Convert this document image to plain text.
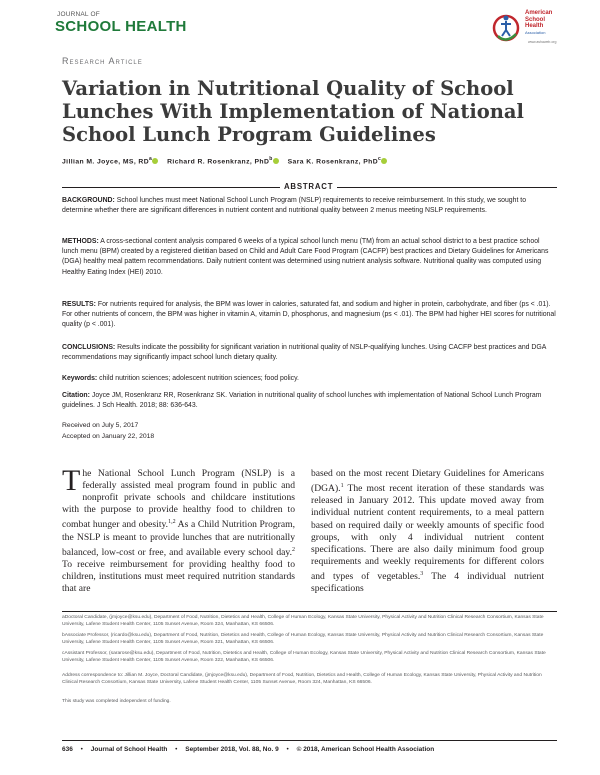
JOURNAL OF
SCHOOL HEALTH
American
School
Health
Association
www.ashaweb.org
Research Article
Variation in Nutritional Quality of School Lunches With Implementation of National School Lunch Program Guidelines
Jillian M. Joyce, MS, $RD^a$ Richard R. Rosenkranz, PhD$^b$ Sara K. Rosenkranz, PhD$^c$
ABSTRACT

BACKGROUND: School lunches must meet National School Lunch Program (NSLP) requirements to receive reimbursement. In this study, we sought to determine whether there are significant differences in nutrient content and nutritional quality between 2 menus meeting NSLP requirements.

METHODS: A cross-sectional content analysis compared 6 weeks of a typical school lunch menu (TM) from an actual school district to a best practice school lunch menu (BPM) created by a registered dietitian based on Child and Adult Care Food Program (CACFP) best practices and Dietary Guidelines for Americans (DGA) healthy meal pattern recommendations. Daily nutrient content was determined using nutrient analysis software. Nutritional quality was computed using Healthy Eating Index (HEI) 2010.

RESULTS: For nutrients required for analysis, the BPM was lower in calories, saturated fat, and sodium and higher in protein, carbohydrate, and fiber (ps < .01). For other nutrients of concern, the BPM was higher in vitamin A, vitamin D, phosphorus, and magnesium (ps < .01). The BPM had higher HEI scores for nutritional quality (p < .001).

CONCLUSIONS: Results indicate the possibility for significant variation in nutritional quality of NSLP-qualifying lunches. Using CACFP best practices and DGA recommendations may significantly impact school lunch dietary quality.

Keywords: child nutrition sciences; adolescent nutrition sciences; food policy.

Citation: Joyce JM, Rosenkranz RR, Rosenkranz SK. Variation in nutritional quality of school lunches with implementation of National School Lunch Program guidelines. J Sch Health. 2018; 88: 636-643.

Received on July 5, 2017
Accepted on January 22, 2018

The National School Lunch Program (NSLP) is a federally assisted meal program found in public and nonprofit private schools and childcare institutions with the purpose to provide healthy food to children to combat hunger and obesity.$^{1,2}$ As a Child Nutrition Program, the NSLP is meant to provide lunches that are nutritionally balanced, low-cost or free, and available every school day.$^2$ To receive reimbursement for providing healthy food to children, institutions must meet required nutrition standards that are

based on the most recent Dietary Guidelines for Americans (DGA).$^1$ The most recent iteration of these standards was released in January 2012. This update moved away from individual nutrient content requirements, to a meal pattern based on required daily or weekly amounts of specific food groups, with only 4 individual nutrient content specifications. There are also daily minimum food group requirements and weekly requirements for different colors and types of vegetables.$^3$ The 4 individual nutrient specifications

aDoctoral Candidate, (jmjoyce@ksu.edu), Department of Food, Nutrition, Dietetics and Health, College of Human Ecology, Kansas State University, Physical Activity and Nutrition Clinical Research Consortium, Kansas State University, Lafene Student Health Center, 1105 Sunset Avenue, Room 324, Manhattan, KS 66506.

bAssociate Professor, (ricardo@ksu.edu), Department of Food, Nutrition, Dietetics and Health, College of Human Ecology, Kansas State University, Physical Activity and Nutrition Clinical Research Consortium, Kansas State University, Lafene Student Health Center, 1105 Sunset Avenue, Room 321, Manhattan, KS 66506.

cAssistant Professor, (sararose@ksu.edu), Department of Food, Nutrition, Dietetics and Health, College of Human Ecology, Kansas State University, Physical Activity and Nutrition Clinical Research Consortium, Kansas State University, Lafene Student Health Center, 1105 Sunset Avenue, Room 322, Manhattan, KS 66506.

Address correspondence to: Jillian M. Joyce, Doctoral Candidate, (jmjoyce@ksu.edu), Department of Food, Nutrition, Dietetics and Health, College of Human Ecology, Kansas State University, Physical Activity and Nutrition Clinical Research Consortium, Kansas State University, Lafene Student Health Center, 1105 Sunset Avenue, Room 324, Manhattan, KS 66506.

This study was completed independent of funding.

636 • Journal of School Health • September 2018, Vol. 88, No. 9 • © 2018, American School Health Association
